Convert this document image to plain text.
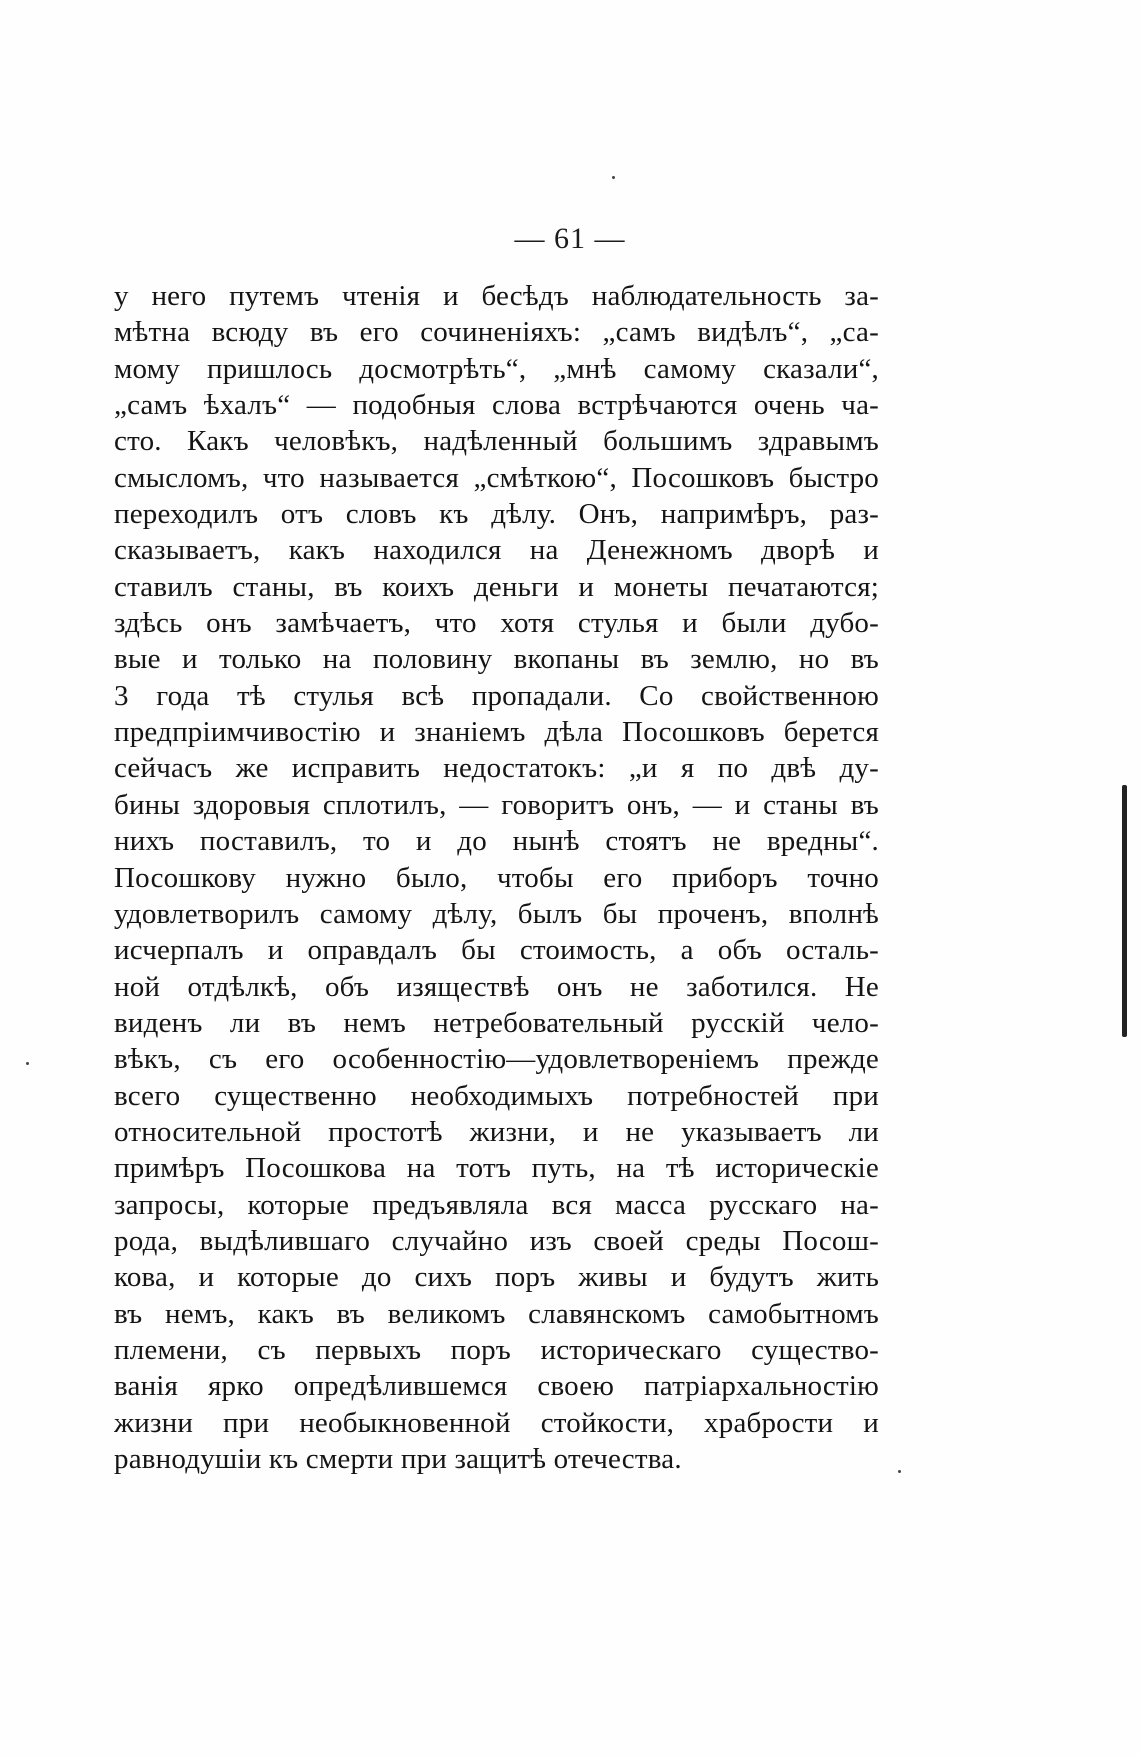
— 61 —
у него путемъ чтенія и бесѣдъ наблюдательность за-
мѣтна всюду въ его сочиненіяхъ: „самъ видѣлъ“, „са-
мому пришлось досмотрѣть“, „мнѣ самому сказали“,
„самъ ѣхалъ“ — подобныя слова встрѣчаются очень ча-
сто. Какъ человѣкъ, надѣленный большимъ здравымъ
смысломъ, что называется „смѣткою“, Посошковъ быстро
переходилъ отъ словъ къ дѣлу. Онъ, напримѣръ, раз-
сказываетъ, какъ находился на Денежномъ дворѣ и
ставилъ станы, въ коихъ деньги и монеты печатаются;
здѣсь онъ замѣчаетъ, что хотя стулья и были дубо-
вые и только на половину вкопаны въ землю, но въ
3 года тѣ стулья всѣ пропадали. Со свойственною
предпріимчивостію и знаніемъ дѣла Посошковъ берется
сейчасъ же исправить недостатокъ: „и я по двѣ ду-
бины здоровыя сплотилъ, — говоритъ онъ, — и станы въ
нихъ поставилъ, то и до нынѣ стоятъ не вредны“.
Посошкову нужно было, чтобы его приборъ точно
удовлетворилъ самому дѣлу, былъ бы проченъ, вполнѣ
исчерпалъ и оправдалъ бы стоимость, а объ осталь-
ной отдѣлкѣ, объ изяществѣ онъ не заботился. Не
виденъ ли въ немъ нетребовательный русскій чело-
вѣкъ, съ его особенностію—удовлетвореніемъ прежде
всего существенно необходимыхъ потребностей при
относительной простотѣ жизни, и не указываетъ ли
примѣръ Посошкова на тотъ путь, на тѣ историческіе
запросы, которые предъявляла вся масса русскаго на-
рода, выдѣлившаго случайно изъ своей среды Посош-
кова, и которые до сихъ поръ живы и будутъ жить
въ немъ, какъ въ великомъ славянскомъ самобытномъ
племени, съ первыхъ поръ историческаго существо-
ванія ярко опредѣлившемся своею патріархальностію
жизни при необыкновенной стойкости, храбрости и
равнодушіи къ смерти при защитѣ отечества.
